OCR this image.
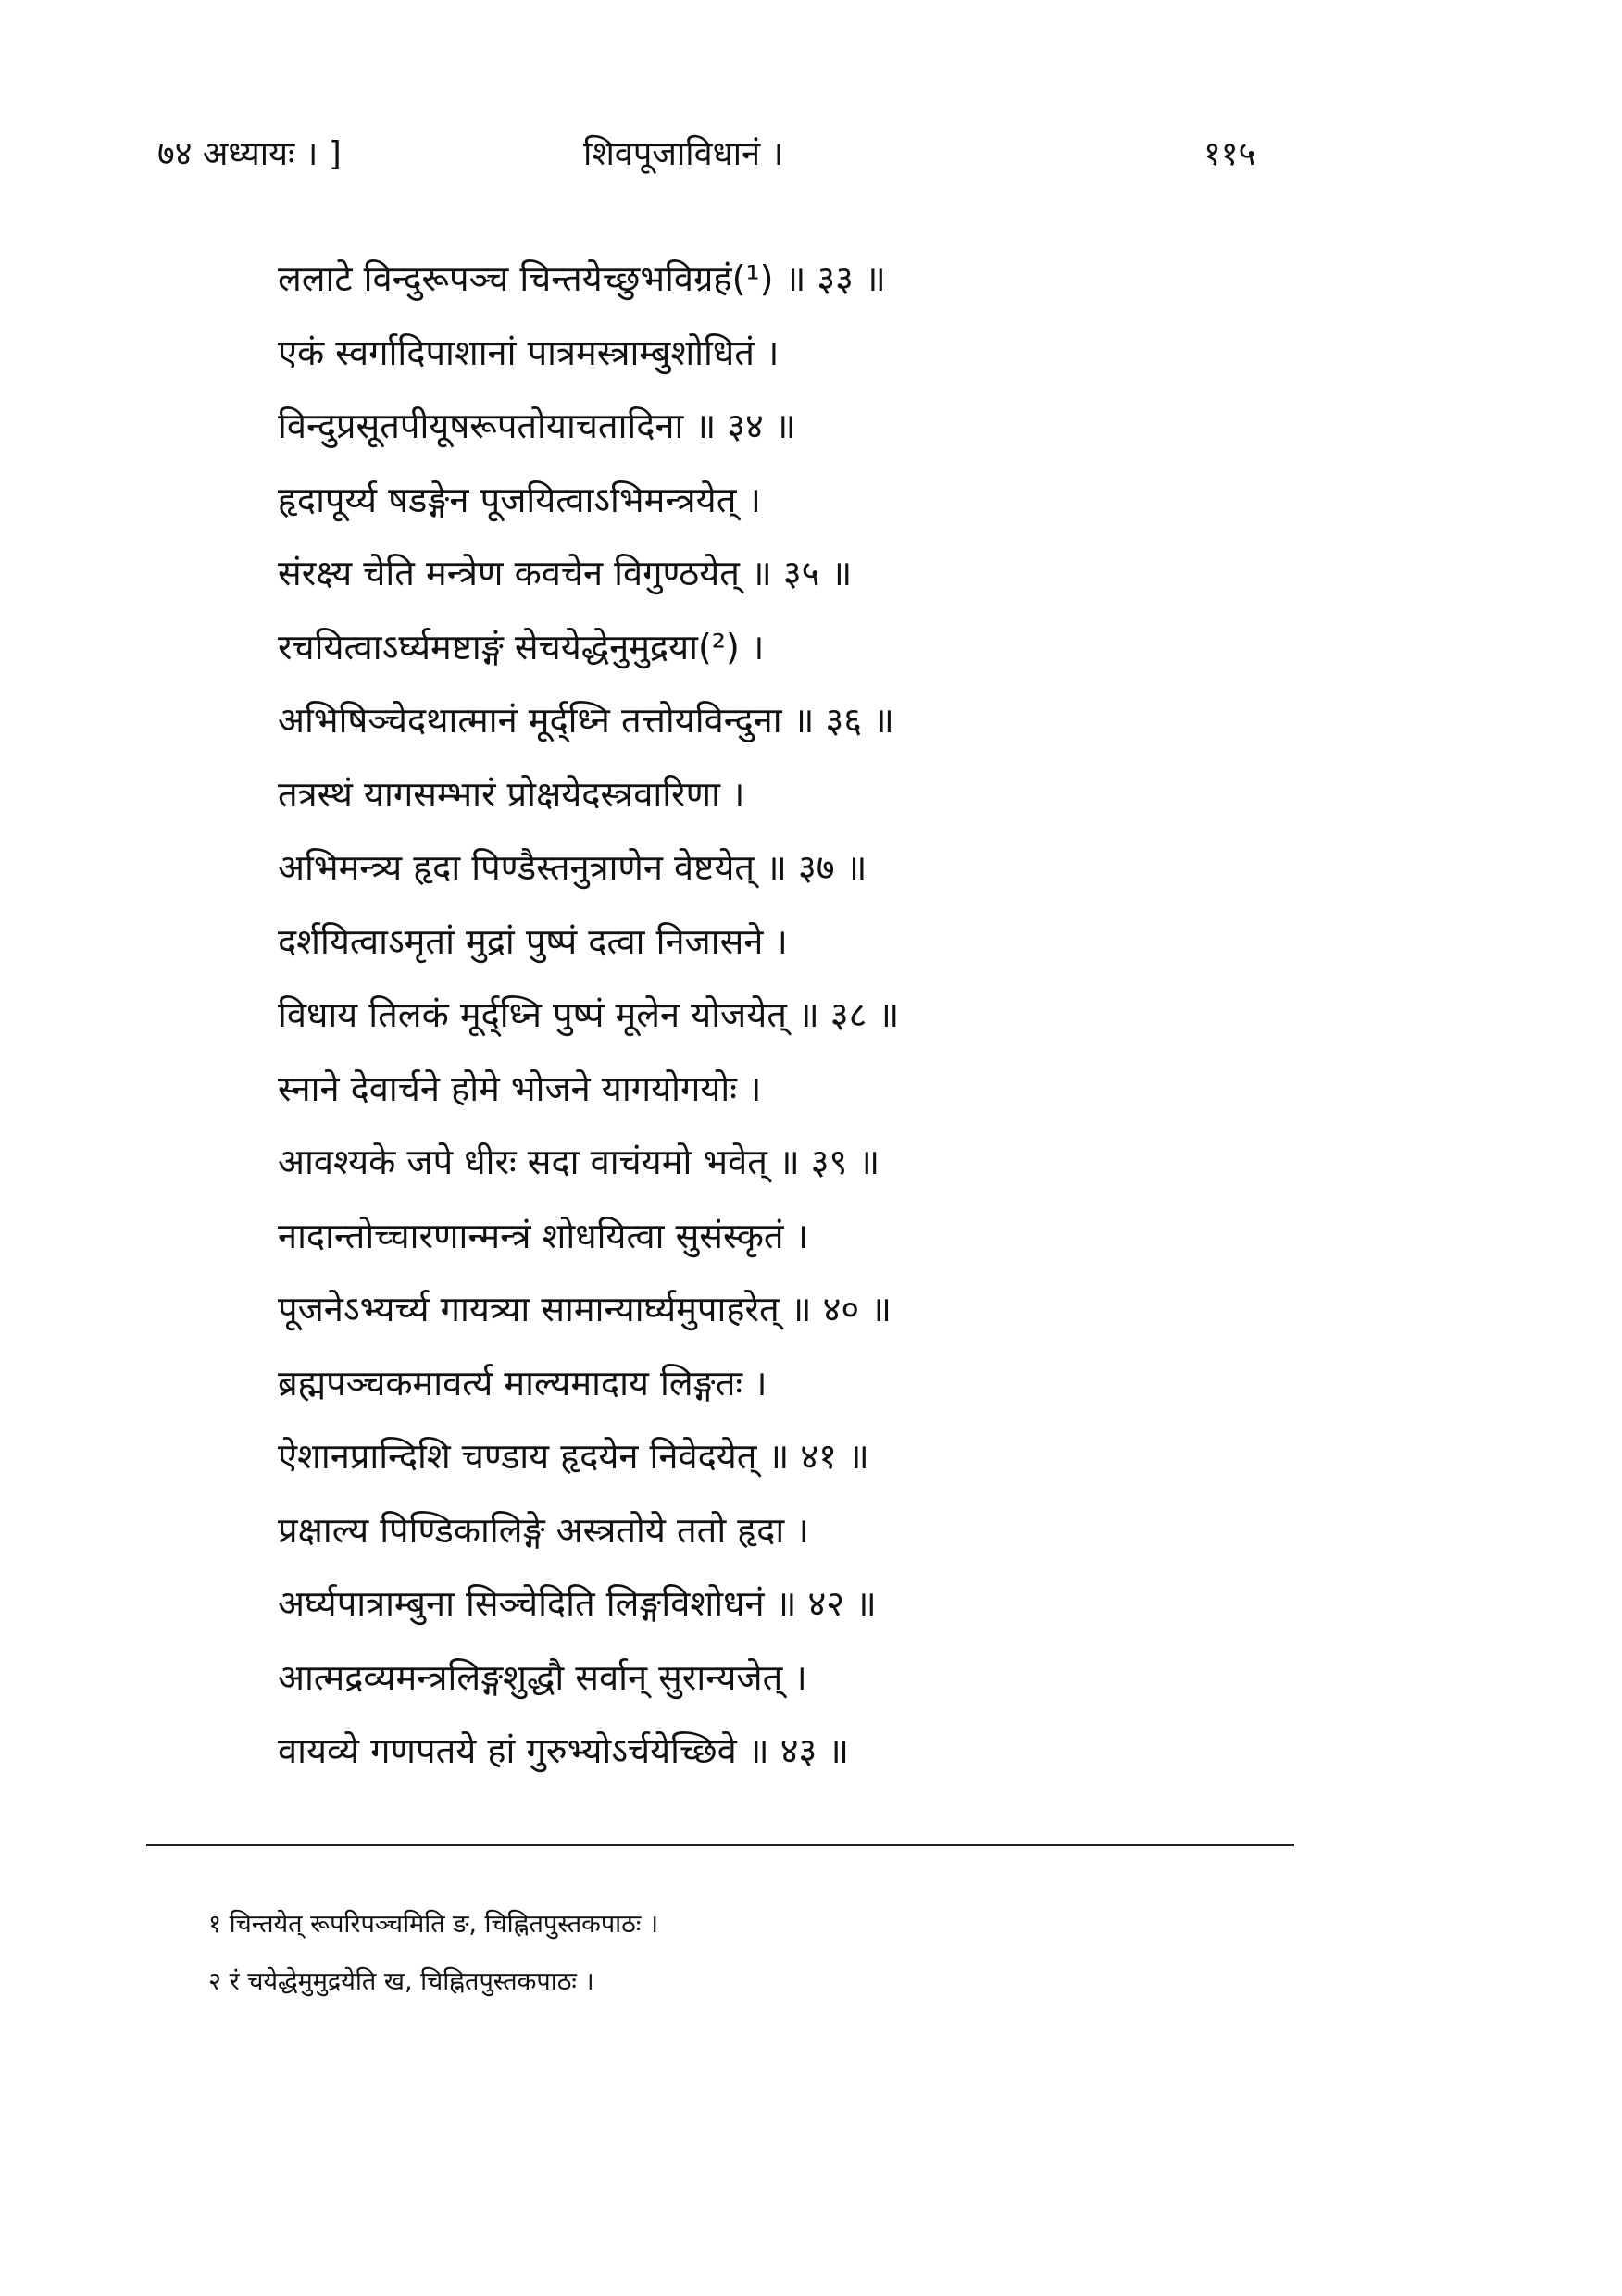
७४ अध्यायः । ]	शिवपूजाविधानं ।	११५
ललाटे विन्दुरूपञ्च चिन्तयेच्छुभविग्रहं(¹) ॥ ३३ ॥
एकं स्वर्गादिपाशानां पात्रमस्त्राम्बुशोधितं ।
विन्दुप्रसूतपीयूषरूपतोयाचतादिना ॥ ३४ ॥
हृदापूर्य्य षडङ्गेन पूजयित्वाऽभिमन्त्रयेत् ।
संरक्ष्य चेति मन्त्रेण कवचेन विगुण्ठयेत् ॥ ३५ ॥
रचयित्वाऽर्घ्यमष्टाङ्गं सेचयेद्धेनुमुद्रया(²) ।
अभिषिञ्चेदथात्मानं मूर्द्ध्नि तत्तोयविन्दुना ॥ ३६ ॥
तत्रस्थं यागसम्भारं प्रोक्षयेदस्त्रवारिणा ।
अभिमन्त्र्य हृदा पिण्डैस्तनुत्राणेन वेष्टयेत् ॥ ३७ ॥
दर्शयित्वाऽमृतां मुद्रां पुष्पं दत्वा निजासने ।
विधाय तिलकं मूर्द्ध्नि पुष्पं मूलेन योजयेत् ॥ ३८ ॥
स्नाने देवार्चने होमे भोजने यागयोगयोः ।
आवश्यके जपे धीरः सदा वाचंयमो भवेत् ॥ ३९ ॥
नादान्तोच्चारणान्मन्त्रं शोधयित्वा सुसंस्कृतं ।
पूजनेऽभ्यर्च्य गायत्र्या सामान्यार्घ्यमुपाहरेत् ॥ ४० ॥
ब्रह्मपञ्चकमावर्त्य माल्यमादाय लिङ्गतः ।
ऐशानप्रान्दिशि चण्डाय हृदयेन निवेदयेत् ॥ ४१ ॥
प्रक्षाल्य पिण्डिकालिङ्गे अस्त्रतोये ततो हृदा ।
अर्घ्यपात्राम्बुना सिञ्चेदिति लिङ्गविशोधनं ॥ ४२ ॥
आत्मद्रव्यमन्त्रलिङ्गशुद्धौ सर्वान् सुरान्यजेत् ।
वायव्ये गणपतये हां गुरुभ्यो‌ऽर्चयेच्छिवे ॥ ४३ ॥
१ चिन्तयेत् रूपरिपञ्चमिति ङ, चिह्नितपुस्तकपाठः ।
२ रं चयेद्धेमुमुद्रयेति ख, चिह्नितपुस्तकपाठः ।
